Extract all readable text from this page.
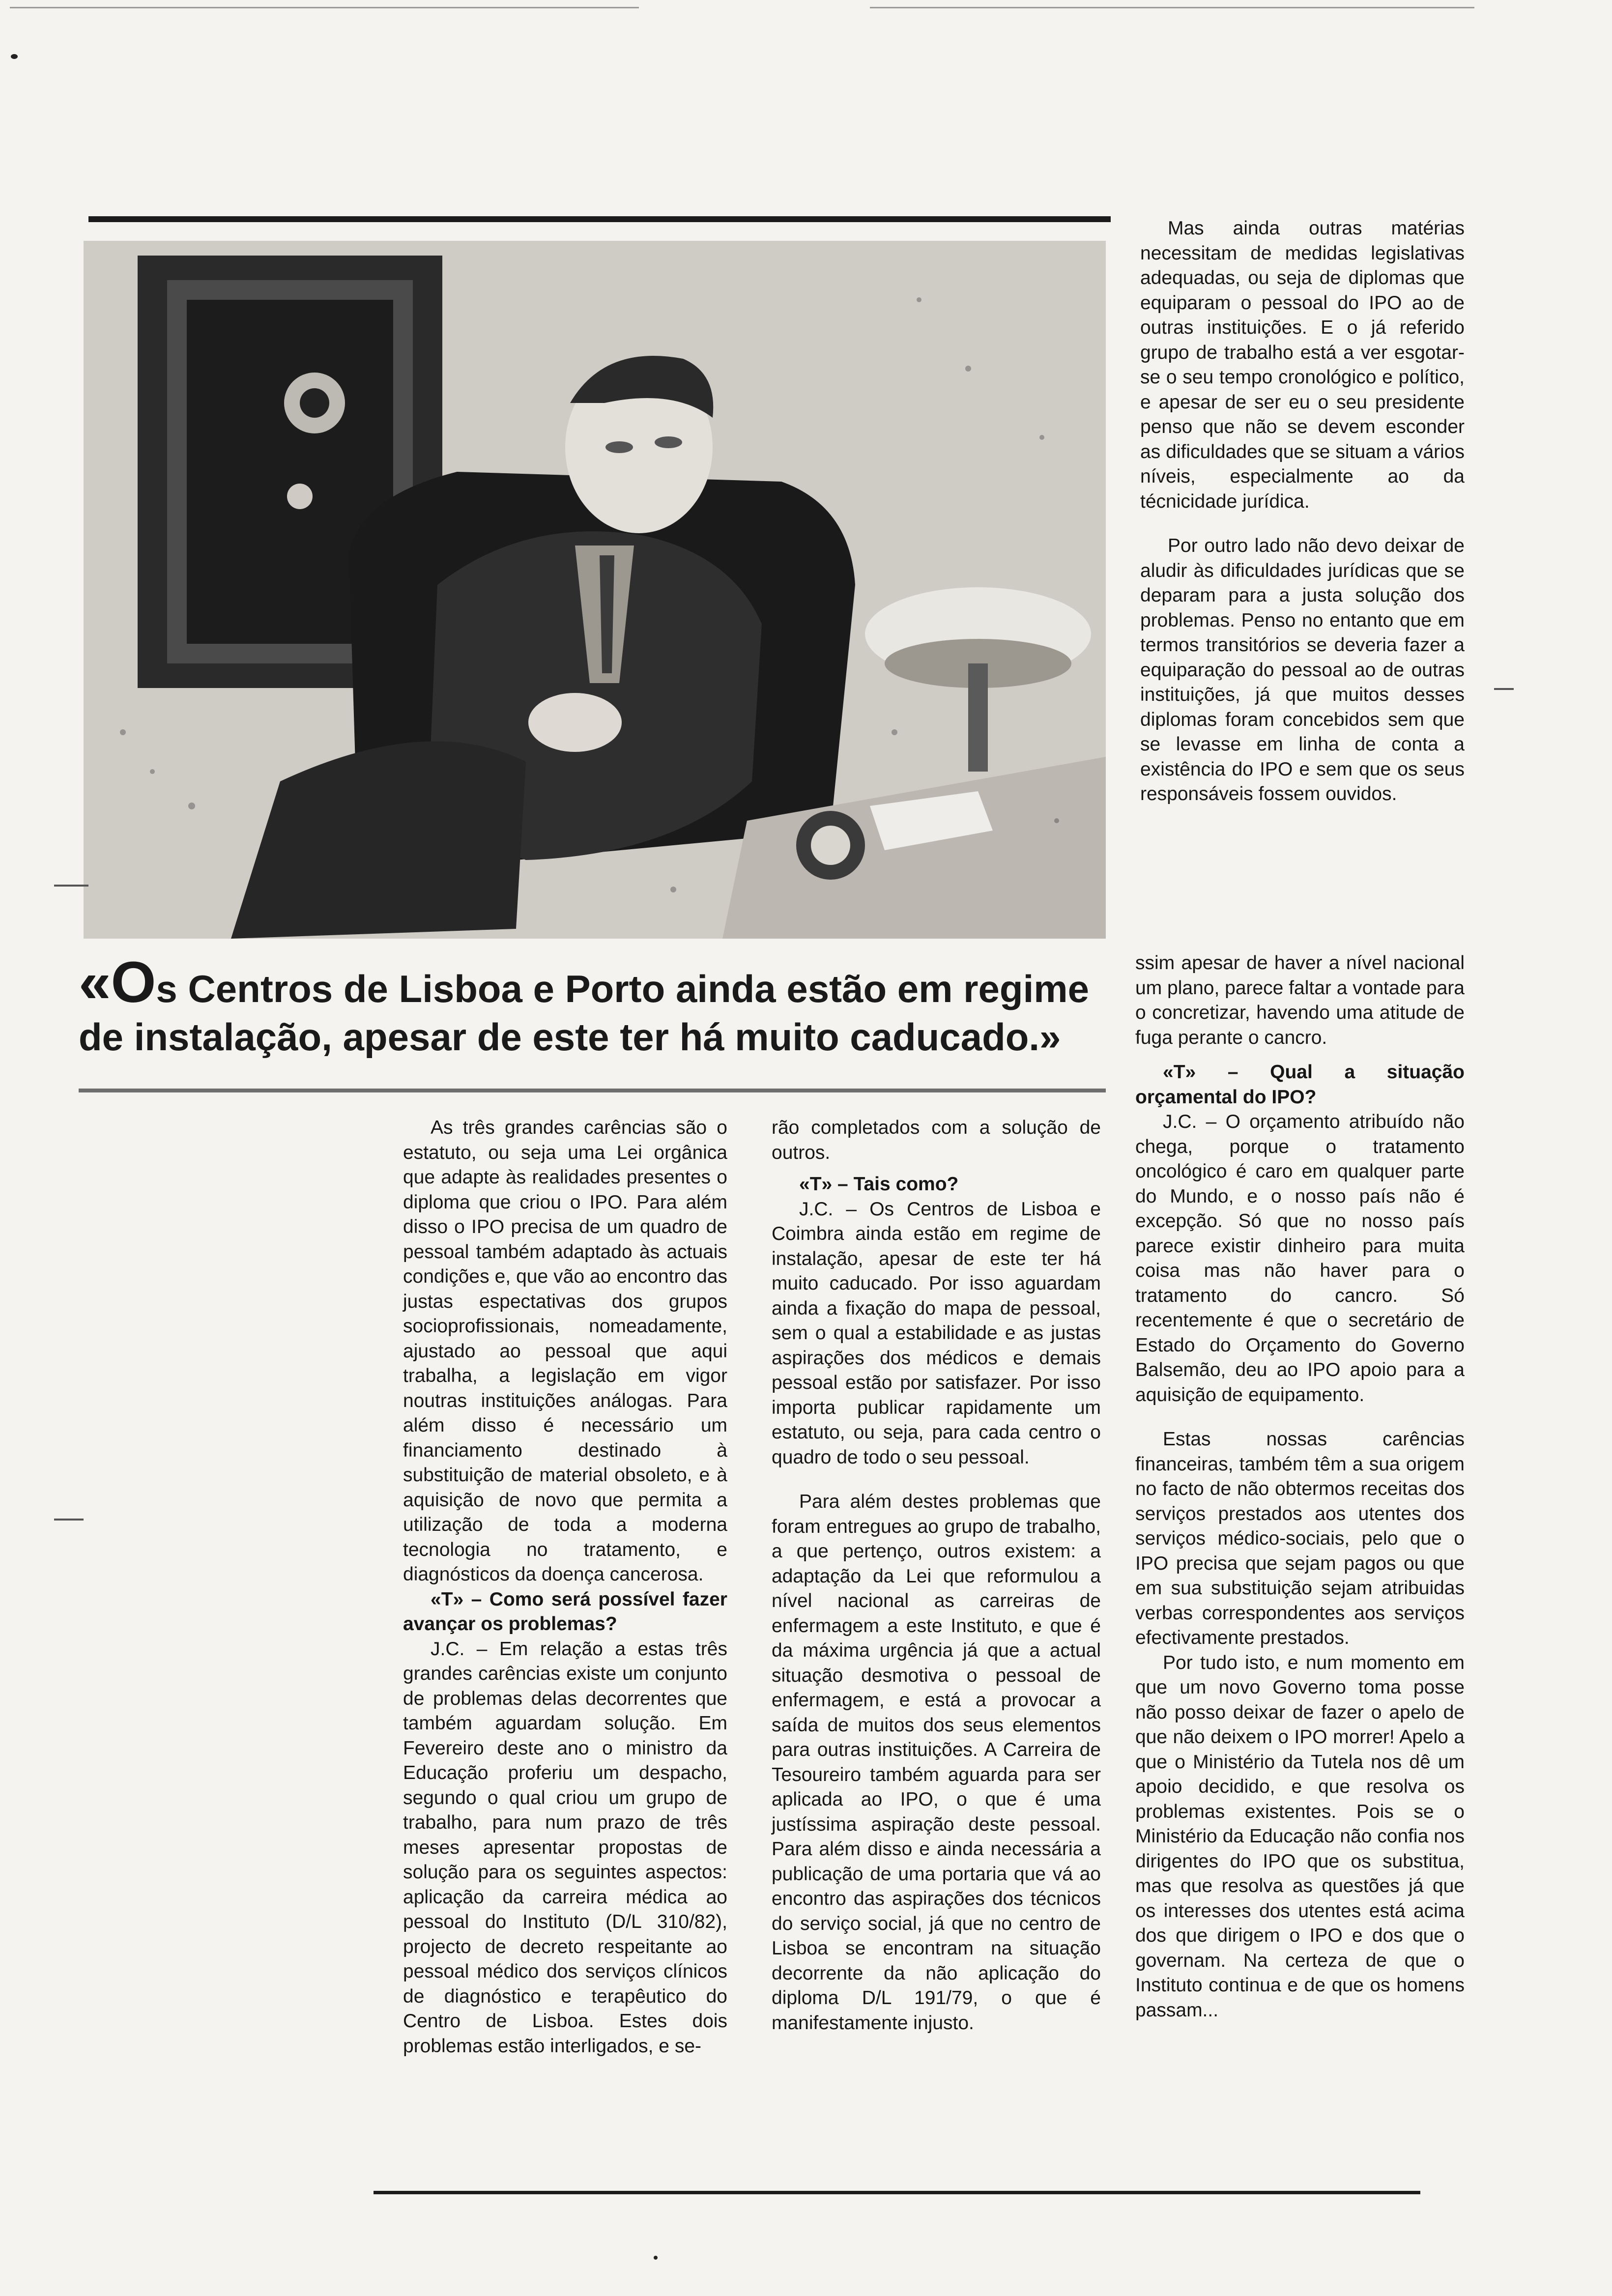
«Os Centros de Lisboa e Porto ainda estão em regime de instalação, apesar de este ter há muito caducado.»

Mas ainda outras matérias necessitam de medidas legislativas adequadas, ou seja de diplomas que equiparam o pessoal do IPO ao de outras instituições. E o já referido grupo de trabalho está a ver esgotar-se o seu tempo cronológico e político, e apesar de ser eu o seu presidente penso que não se devem esconder as dificuldades que se situam a vários níveis, especialmente ao da técnicidade jurídica.

Por outro lado não devo deixar de aludir às dificuldades jurídicas que se deparam para a justa solução dos problemas. Penso no entanto que em termos transitórios se deveria fazer a equiparação do pessoal ao de outras instituições, já que muitos desses diplomas foram concebidos sem que se levasse em linha de conta a existência do IPO e sem que os seus responsáveis fossem ouvidos.

As três grandes carências são o estatuto, ou seja uma Lei orgânica que adapte às realidades presentes o diploma que criou o IPO. Para além disso o IPO precisa de um quadro de pessoal também adaptado às actuais condições e, que vão ao encontro das justas espectativas dos grupos socioprofissionais, nomeadamente, ajustado ao pessoal que aqui trabalha, a legislação em vigor noutras instituições análogas. Para além disso é necessário um financiamento destinado à substituição de material obsoleto, e à aquisição de novo que permita a utilização de toda a moderna tecnologia no tratamento, e diagnósticos da doença cancerosa.

«T» – Como será possível fazer avançar os problemas?

J.C. – Em relação a estas três grandes carências existe um conjunto de problemas delas decorrentes que também aguardam solução. Em Fevereiro deste ano o ministro da Educação proferiu um despacho, segundo o qual criou um grupo de trabalho, para num prazo de três meses apresentar propostas de solução para os seguintes aspectos: aplicação da carreira médica ao pessoal do Instituto (D/L 310/82), projecto de decreto respeitante ao pessoal médico dos serviços clínicos de diagnóstico e terapêutico do Centro de Lisboa. Estes dois problemas estão interligados, e se-

rão completados com a solução de outros.

«T» – Tais como?

J.C. – Os Centros de Lisboa e Coimbra ainda estão em regime de instalação, apesar de este ter há muito caducado. Por isso aguardam ainda a fixação do mapa de pessoal, sem o qual a estabilidade e as justas aspirações dos médicos e demais pessoal estão por satisfazer. Por isso importa publicar rapidamente um estatuto, ou seja, para cada centro o quadro de todo o seu pessoal.

Para além destes problemas que foram entregues ao grupo de trabalho, a que pertenço, outros existem: a adaptação da Lei que reformulou a nível nacional as carreiras de enfermagem a este Instituto, e que é da máxima urgência já que a actual situação desmotiva o pessoal de enfermagem, e está a provocar a saída de muitos dos seus elementos para outras instituições. A Carreira de Tesoureiro também aguarda para ser aplicada ao IPO, o que é uma justíssima aspiração deste pessoal. Para além disso e ainda necessária a publicação de uma portaria que vá ao encontro das aspirações dos técnicos do serviço social, já que no centro de Lisboa se encontram na situação decorrente da não aplicação do diploma D/L 191/79, o que é manifestamente injusto.

ssim apesar de haver a nível nacional um plano, parece faltar a vontade para o concretizar, havendo uma atitude de fuga perante o cancro.

«T» – Qual a situação orçamental do IPO?

J.C. – O orçamento atribuído não chega, porque o tratamento oncológico é caro em qualquer parte do Mundo, e o nosso país não é excepção. Só que no nosso país parece existir dinheiro para muita coisa mas não haver para o tratamento do cancro. Só recentemente é que o secretário de Estado do Orçamento do Governo Balsemão, deu ao IPO apoio para a aquisição de equipamento.

Estas nossas carências financeiras, também têm a sua origem no facto de não obtermos receitas dos serviços prestados aos utentes dos serviços médico-sociais, pelo que o IPO precisa que sejam pagos ou que em sua substituição sejam atribuidas verbas correspondentes aos serviços efectivamente prestados.

Por tudo isto, e num momento em que um novo Governo toma posse não posso deixar de fazer o apelo de que não deixem o IPO morrer! Apelo a que o Ministério da Tutela nos dê um apoio decidido, e que resolva os problemas existentes. Pois se o Ministério da Educação não confia nos dirigentes do IPO que os substitua, mas que resolva as questões já que os interesses dos utentes está acima dos que dirigem o IPO e dos que o governam. Na certeza de que o Instituto continua e de que os homens passam...
